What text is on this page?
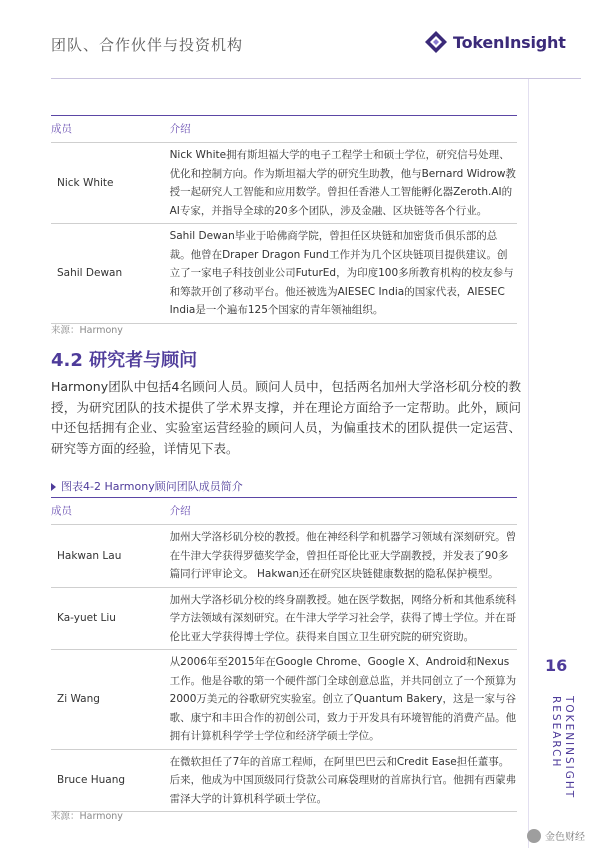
团队、合作伙伴与投资机构	TokenInsight
成员	介绍
Nick White	Nick White拥有斯坦福大学的电子工程学士和硕士学位，研究信号处理、优化和控制方向。作为斯坦福大学的研究生助教，他与Bernard Widrow教授一起研究人工智能和应用数学。曾担任香港人工智能孵化器Zeroth.AI的AI专家，并指导全球的20多个团队，涉及金融、区块链等各个行业。
Sahil Dewan	Sahil Dewan毕业于哈佛商学院，曾担任区块链和加密货币俱乐部的总裁。他曾在Draper Dragon Fund工作并为几个区块链项目提供建议。创立了一家电子科技创业公司FuturEd，为印度100多所教育机构的校友参与和筹款开创了移动平台。他还被选为AIESEC India的国家代表，AIESEC India是一个遍布125个国家的青年领袖组织。
来源：Harmony
4.2 研究者与顾问
Harmony团队中包括4名顾问人员。顾问人员中，包括两名加州大学洛杉矶分校的教授，为研究团队的技术提供了学术界支撑，并在理论方面给予一定帮助。此外，顾问中还包括拥有企业、实验室运营经验的顾问人员，为偏重技术的团队提供一定运营、研究等方面的经验，详情见下表。
图表4-2 Harmony顾问团队成员简介
成员	介绍
Hakwan Lau	加州大学洛杉矶分校的教授。他在神经科学和机器学习领域有深刻研究。曾在牛津大学获得罗德奖学金，曾担任哥伦比亚大学副教授，并发表了90多篇同行评审论文。 Hakwan还在研究区块链健康数据的隐私保护模型。
Ka-yuet Liu	加州大学洛杉矶分校的终身副教授。她在医学数据，网络分析和其他系统科学方法领域有深刻研究。在牛津大学学习社会学，获得了博士学位。并在哥伦比亚大学获得博士学位。获得来自国立卫生研究院的研究资助。
Zi Wang	从2006年至2015年在Google Chrome、Google X、Android和Nexus工作。他是谷歌的第一个硬件部门全球创意总监，并共同创立了一个预算为2000万美元的谷歌研究实验室。创立了Quantum Bakery，这是一家与谷歌、康宁和丰田合作的初创公司，致力于开发具有环境智能的消费产品。他拥有计算机科学学士学位和经济学硕士学位。
Bruce Huang	在微软担任了7年的首席工程师，在阿里巴巴云和Credit Ease担任董事。后来，他成为中国顶级同行贷款公司麻袋理财的首席执行官。他拥有西蒙弗雷泽大学的计算机科学硕士学位。
来源：Harmony
16
TOKENINSIGHT RESEARCH
金色财经
